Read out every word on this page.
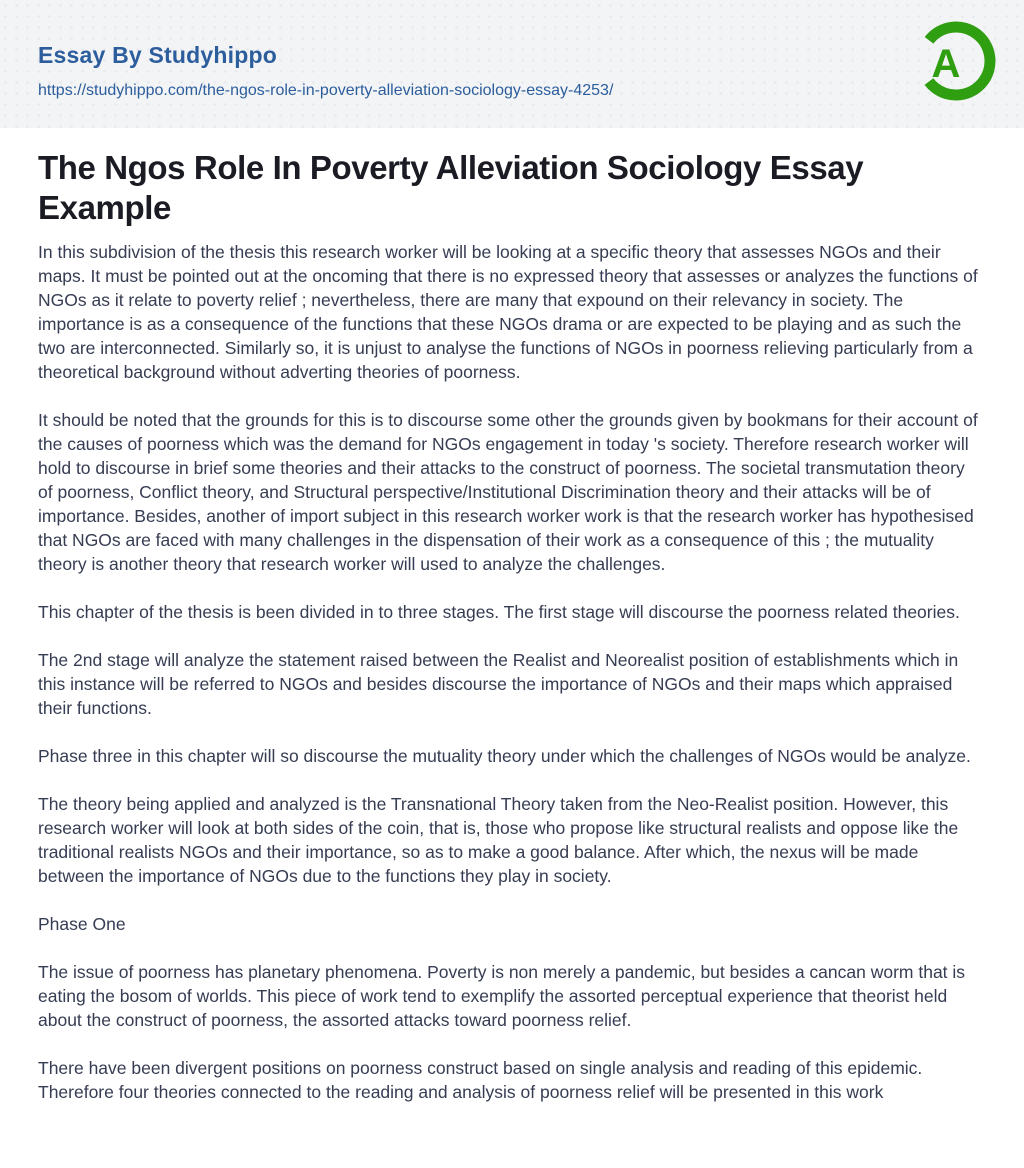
Essay By Studyhippo
https://studyhippo.com/the-ngos-role-in-poverty-alleviation-sociology-essay-4253/
A
The Ngos Role In Poverty Alleviation Sociology Essay Example

In this subdivision of the thesis this research worker will be looking at a specific theory that assesses NGOs and their maps. It must be pointed out at the oncoming that there is no expressed theory that assesses or analyzes the functions of NGOs as it relate to poverty relief ; nevertheless, there are many that expound on their relevancy in society. The importance is as a consequence of the functions that these NGOs drama or are expected to be playing and as such the two are interconnected. Similarly so, it is unjust to analyse the functions of NGOs in poorness relieving particularly from a theoretical background without adverting theories of poorness.

It should be noted that the grounds for this is to discourse some other the grounds given by bookmans for their account of the causes of poorness which was the demand for NGOs engagement in today 's society. Therefore research worker will hold to discourse in brief some theories and their attacks to the construct of poorness. The societal transmutation theory of poorness, Conflict theory, and Structural perspective/Institutional Discrimination theory and their attacks will be of importance. Besides, another of import subject in this research worker work is that the research worker has hypothesised that NGOs are faced with many challenges in the dispensation of their work as a consequence of this ; the mutuality theory is another theory that research worker will used to analyze the challenges.

This chapter of the thesis is been divided in to three stages. The first stage will discourse the poorness related theories.

The 2nd stage will analyze the statement raised between the Realist and Neorealist position of establishments which in this instance will be referred to NGOs and besides discourse the importance of NGOs and their maps which appraised their functions.

Phase three in this chapter will so discourse the mutuality theory under which the challenges of NGOs would be analyze.

The theory being applied and analyzed is the Transnational Theory taken from the Neo-Realist position. However, this research worker will look at both sides of the coin, that is, those who propose like structural realists and oppose like the traditional realists NGOs and their importance, so as to make a good balance. After which, the nexus will be made between the importance of NGOs due to the functions they play in society.

Phase One

The issue of poorness has planetary phenomena. Poverty is non merely a pandemic, but besides a cancan worm that is eating the bosom of worlds. This piece of work tend to exemplify the assorted perceptual experience that theorist held about the construct of poorness, the assorted attacks toward poorness relief.

There have been divergent positions on poorness construct based on single analysis and reading of this epidemic. Therefore four theories connected to the reading and analysis of poorness relief will be presented in this work
